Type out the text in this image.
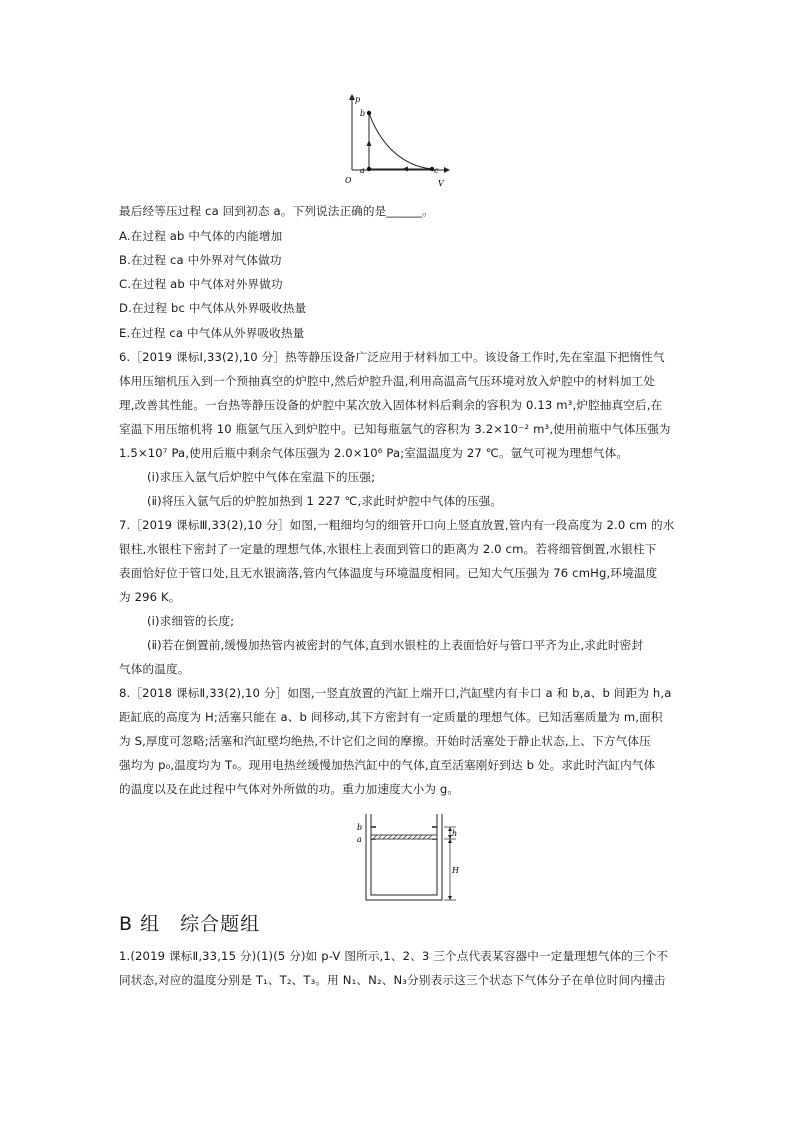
p
V
O
b
a	c
最后经等压过程 ca 回到初态 a。下列说法正确的是______。
A.在过程 ab 中气体的内能增加
B.在过程 ca 中外界对气体做功
C.在过程 ab 中气体对外界做功
D.在过程 bc 中气体从外界吸收热量
E.在过程 ca 中气体从外界吸收热量
6.［2019 课标Ⅰ,33(2),10 分］热等静压设备广泛应用于材料加工中。该设备工作时,先在室温下把惰性气
体用压缩机压入到一个预抽真空的炉腔中,然后炉腔升温,利用高温高气压环境对放入炉腔中的材料加工处
理,改善其性能。一台热等静压设备的炉腔中某次放入固体材料后剩余的容积为 0.13 m³,炉腔抽真空后,在
室温下用压缩机将 10 瓶氩气压入到炉腔中。已知每瓶氩气的容积为 3.2×10⁻² m³,使用前瓶中气体压强为
1.5×10⁷ Pa,使用后瓶中剩余气体压强为 2.0×10⁶ Pa;室温温度为 27 ℃。氩气可视为理想气体。
(ⅰ)求压入氩气后炉腔中气体在室温下的压强;
(ⅱ)将压入氩气后的炉腔加热到 1 227 ℃,求此时炉腔中气体的压强。
7.［2019 课标Ⅲ,33(2),10 分］如图,一粗细均匀的细管开口向上竖直放置,管内有一段高度为 2.0 cm 的水
银柱,水银柱下密封了一定量的理想气体,水银柱上表面到管口的距离为 2.0 cm。若将细管倒置,水银柱下
表面恰好位于管口处,且无水银滴落,管内气体温度与环境温度相同。已知大气压强为 76 cmHg,环境温度
为 296 K。
(ⅰ)求细管的长度;
(ⅱ)若在倒置前,缓慢加热管内被密封的气体,直到水银柱的上表面恰好与管口平齐为止,求此时密封
气体的温度。
8.［2018 课标Ⅱ,33(2),10 分］如图,一竖直放置的汽缸上端开口,汽缸壁内有卡口 a 和 b,a、b 间距为 h,a
距缸底的高度为 H;活塞只能在 a、b 间移动,其下方密封有一定质量的理想气体。已知活塞质量为 m,面积
为 S,厚度可忽略;活塞和汽缸壁均绝热,不计它们之间的摩擦。开始时活塞处于静止状态,上、下方气体压
强均为 p₀,温度均为 T₀。现用电热丝缓慢加热汽缸中的气体,直至活塞刚好到达 b 处。求此时汽缸内气体
的温度以及在此过程中气体对外所做的功。重力加速度大小为 g。
b
a
h
H
B 组　综合题组
1.(2019 课标Ⅱ,33,15 分)(1)(5 分)如 p-V 图所示,1、2、3 三个点代表某容器中一定量理想气体的三个不
同状态,对应的温度分别是 T₁、T₂、T₃。用 N₁、N₂、N₃分别表示这三个状态下气体分子在单位时间内撞击
